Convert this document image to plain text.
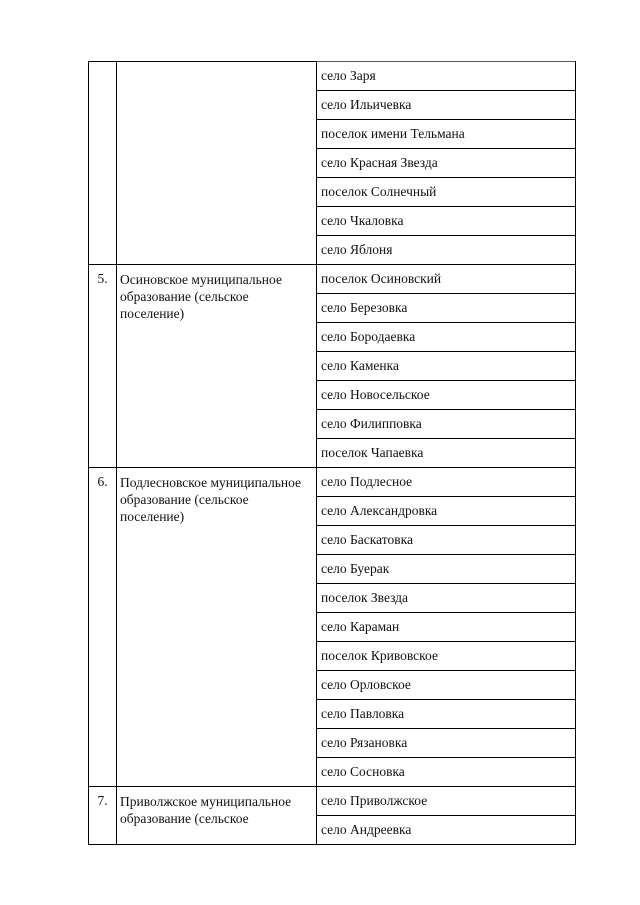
		село Заря
		село Ильичевка
		поселок имени Тельмана
		село Красная Звезда
		поселок Солнечный
		село Чкаловка
		село Яблоня
5.	Осиновское муниципальное образование (сельское поселение)	поселок Осиновский
		село Березовка
		село Бородаевка
		село Каменка
		село Новосельское
		село Филипповка
		поселок Чапаевка
6.	Подлесновское муниципальное образование (сельское поселение)	село Подлесное
		село Александровка
		село Баскатовка
		село Буерак
		поселок Звезда
		село Караман
		поселок Кривовское
		село Орловское
		село Павловка
		село Рязановка
		село Сосновка
7.	Приволжское муниципальное образование (сельское	село Приволжское
		село Андреевка
